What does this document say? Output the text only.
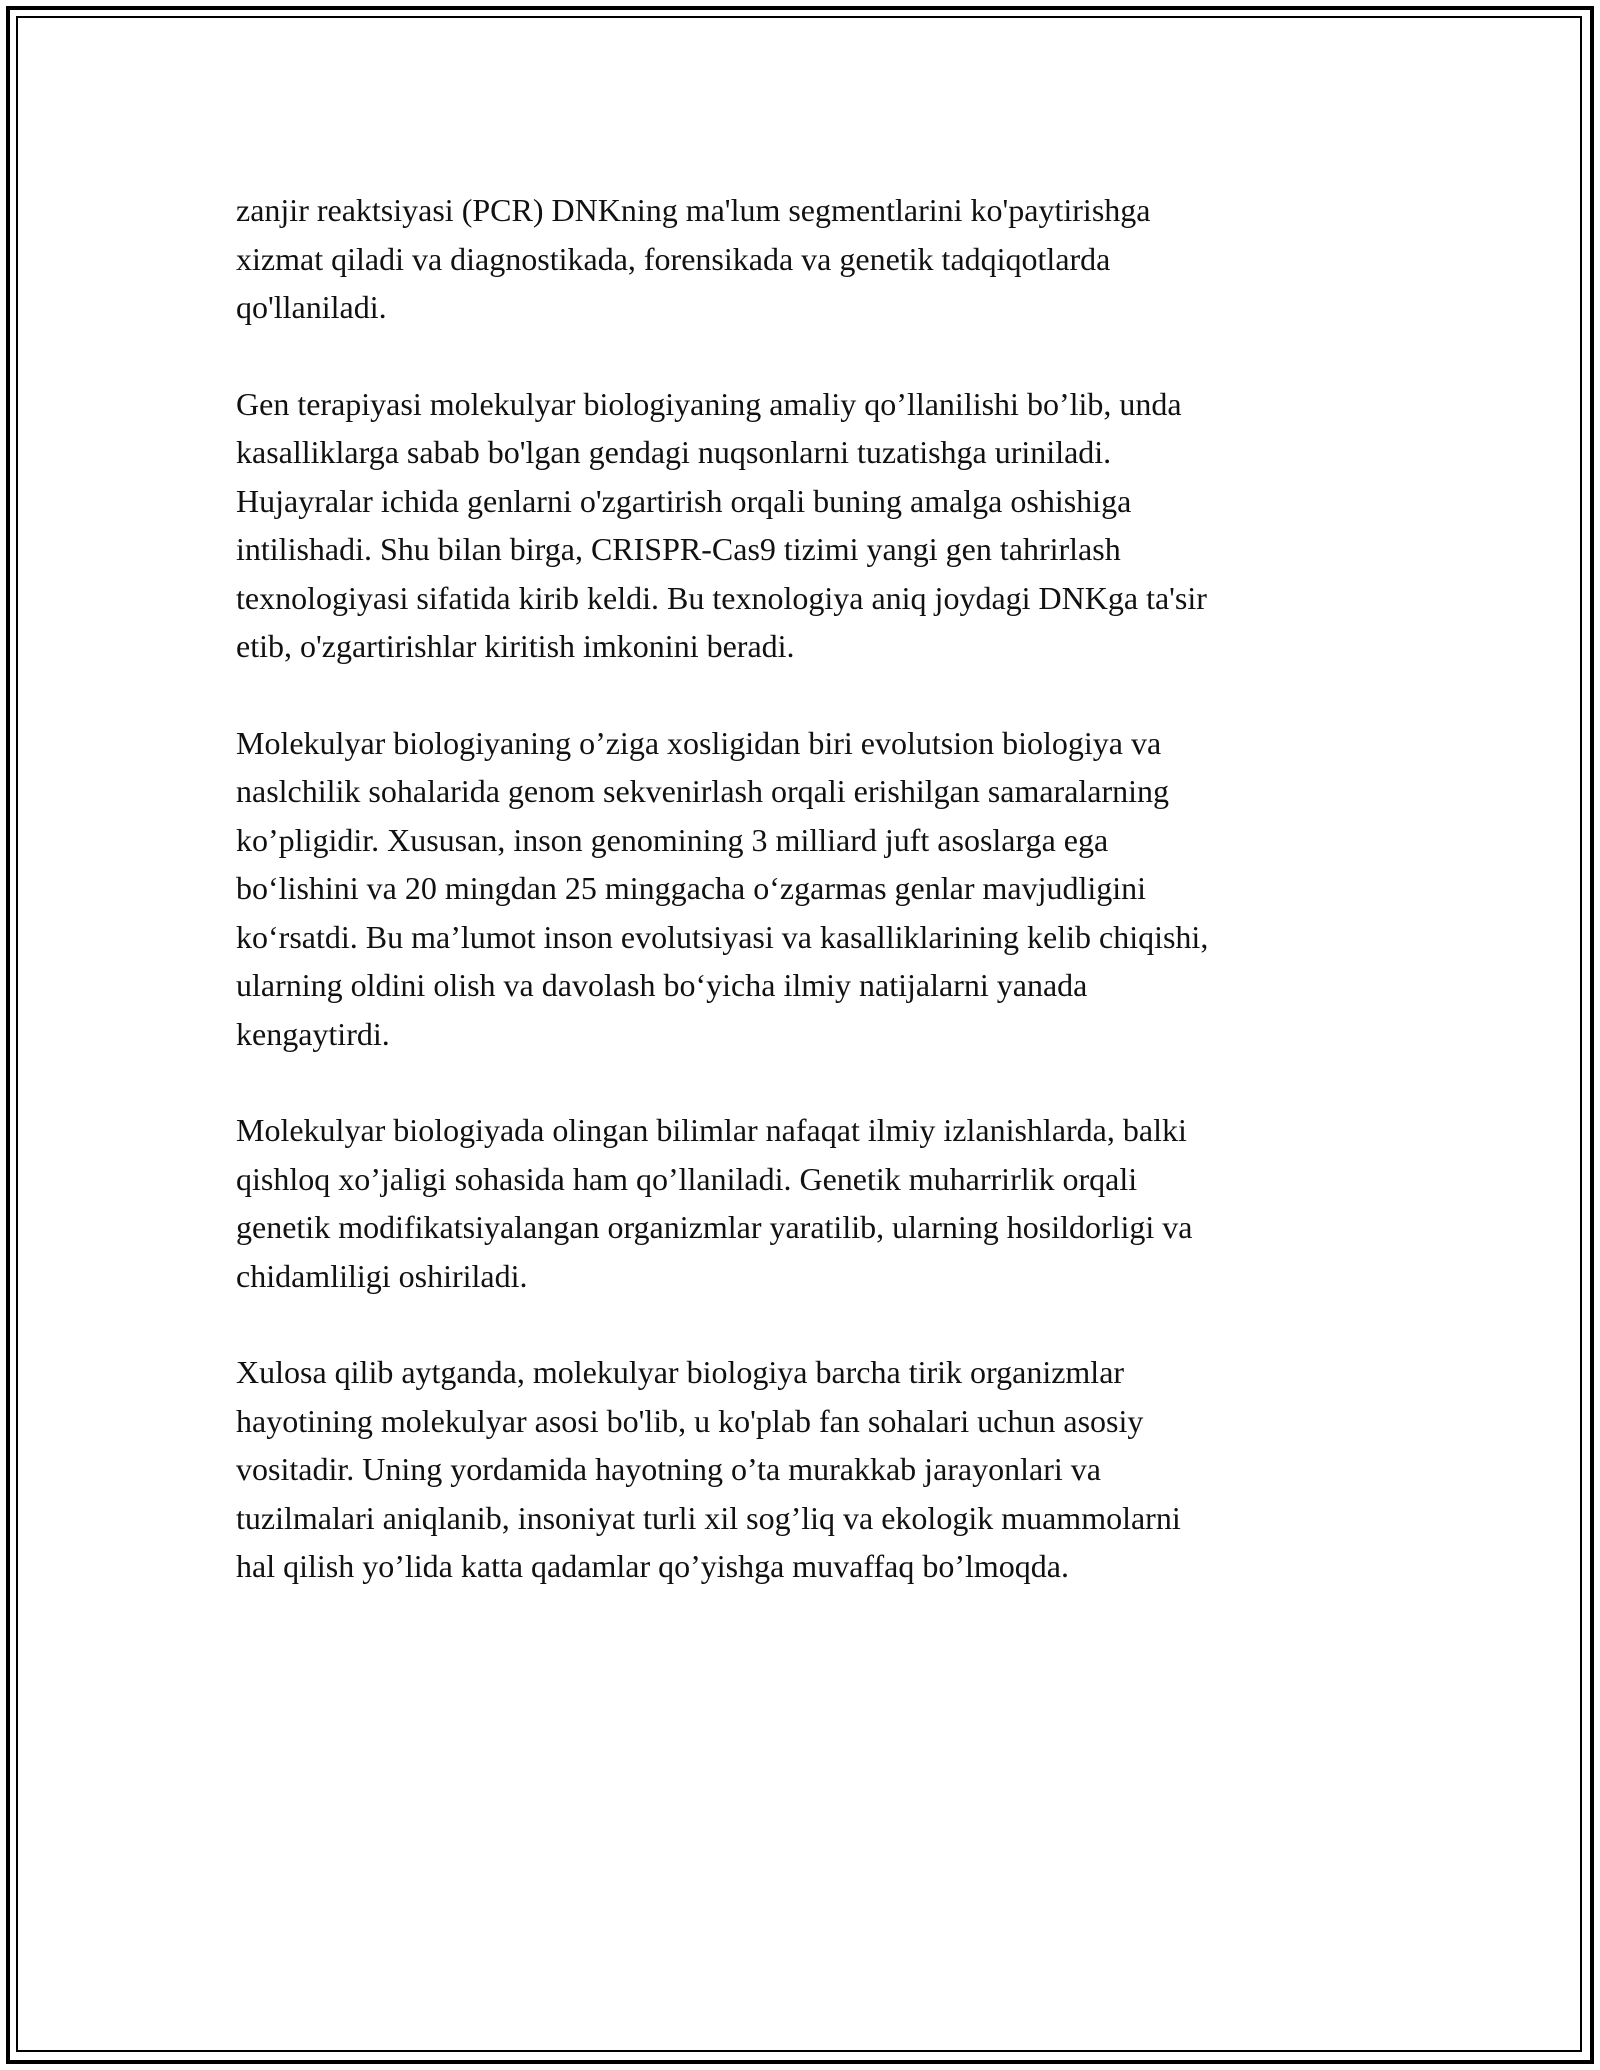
zanjir reaktsiyasi (PCR) DNKning ma'lum segmentlarini ko'paytirishga
xizmat qiladi va diagnostikada, forensikada va genetik tadqiqotlarda
qo'llaniladi.

Gen terapiyasi molekulyar biologiyaning amaliy qo’llanilishi bo’lib, unda
kasalliklarga sabab bo'lgan gendagi nuqsonlarni tuzatishga uriniladi.
Hujayralar ichida genlarni o'zgartirish orqali buning amalga oshishiga
intilishadi. Shu bilan birga, CRISPR-Cas9 tizimi yangi gen tahrirlash
texnologiyasi sifatida kirib keldi. Bu texnologiya aniq joydagi DNKga ta'sir
etib, o'zgartirishlar kiritish imkonini beradi.

Molekulyar biologiyaning o’ziga xosligidan biri evolutsion biologiya va
naslchilik sohalarida genom sekvenirlash orqali erishilgan samaralarning
ko’pligidir. Xususan, inson genomining 3 milliard juft asoslarga ega
boʻlishini va 20 mingdan 25 minggacha oʻzgarmas genlar mavjudligini
koʻrsatdi. Bu maʼlumot inson evolutsiyasi va kasalliklarining kelib chiqishi,
ularning oldini olish va davolash boʻyicha ilmiy natijalarni yanada
kengaytirdi.

Molekulyar biologiyada olingan bilimlar nafaqat ilmiy izlanishlarda, balki
qishloq xo’jaligi sohasida ham qo’llaniladi. Genetik muharrirlik orqali
genetik modifikatsiyalangan organizmlar yaratilib, ularning hosildorligi va
chidamliligi oshiriladi.

Xulosa qilib aytganda, molekulyar biologiya barcha tirik organizmlar
hayotining molekulyar asosi bo'lib, u ko'plab fan sohalari uchun asosiy
vositadir. Uning yordamida hayotning o’ta murakkab jarayonlari va
tuzilmalari aniqlanib, insoniyat turli xil sog’liq va ekologik muammolarni
hal qilish yo’lida katta qadamlar qo’yishga muvaffaq bo’lmoqda.
